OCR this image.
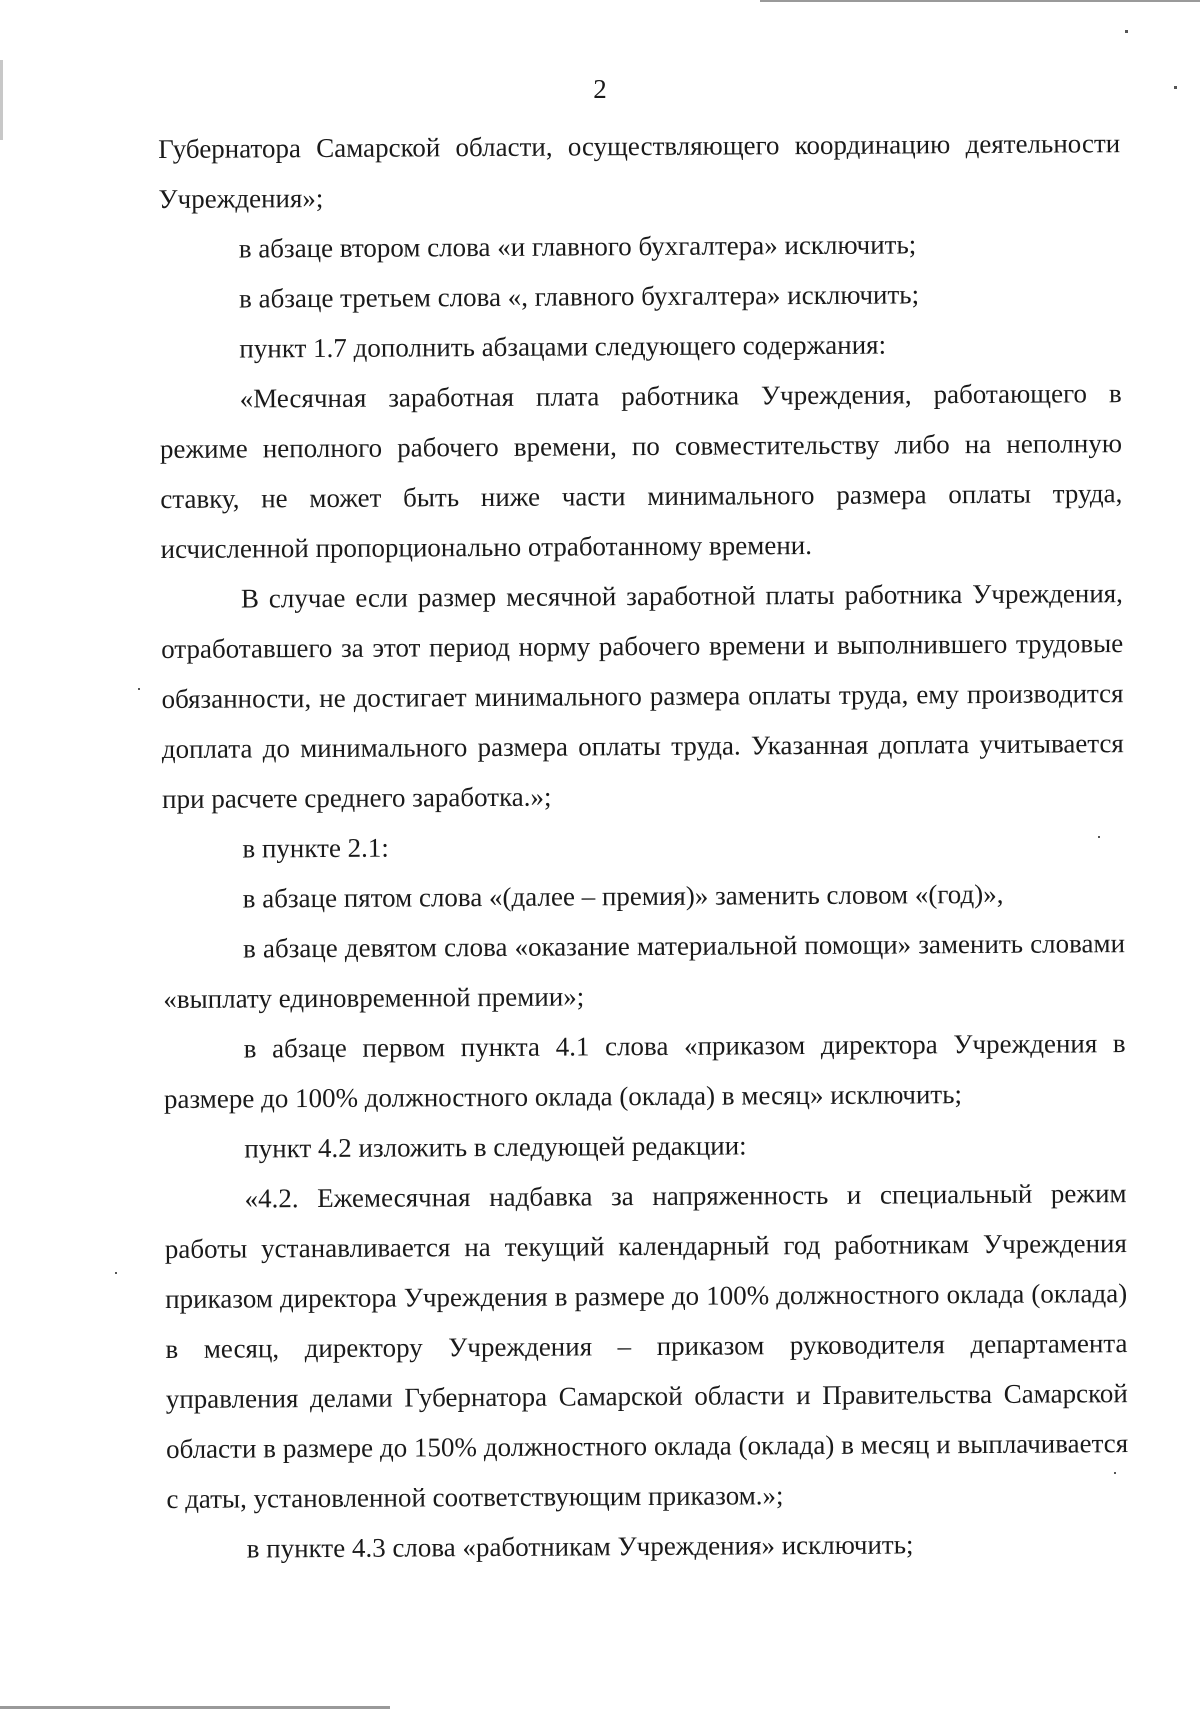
2

Губернатора Самарской области, осуществляющего координацию деятельности Учреждения»;

в абзаце втором слова «и главного бухгалтера» исключить;

в абзаце третьем слова «, главного бухгалтера» исключить;

пункт 1.7 дополнить абзацами следующего содержания:

«Месячная заработная плата работника Учреждения, работающего в режиме неполного рабочего времени, по совместительству либо на неполную ставку, не может быть ниже части минимального размера оплаты труда, исчисленной пропорционально отработанному времени.

В случае если размер месячной заработной платы работника Учреждения, отработавшего за этот период норму рабочего времени и выполнившего трудовые обязанности, не достигает минимального размера оплаты труда, ему производится доплата до минимального размера оплаты труда. Указанная доплата учитывается при расчете среднего заработка.»;

в пункте 2.1:

в абзаце пятом слова «(далее – премия)» заменить словом «(год)»,

в абзаце девятом слова «оказание материальной помощи» заменить словами «выплату единовременной премии»;

в абзаце первом пункта 4.1 слова «приказом директора Учреждения в размере до 100% должностного оклада (оклада) в месяц» исключить;

пункт 4.2 изложить в следующей редакции:

«4.2. Ежемесячная надбавка за напряженность и специальный режим работы устанавливается на текущий календарный год работникам Учреждения приказом директора Учреждения в размере до 100% должностного оклада (оклада) в месяц, директору Учреждения – приказом руководителя департамента управления делами Губернатора Самарской области и Правительства Самарской области в размере до 150% должностного оклада (оклада) в месяц и выплачивается с даты, установленной соответствующим приказом.»;

в пункте 4.3 слова «работникам Учреждения» исключить;
